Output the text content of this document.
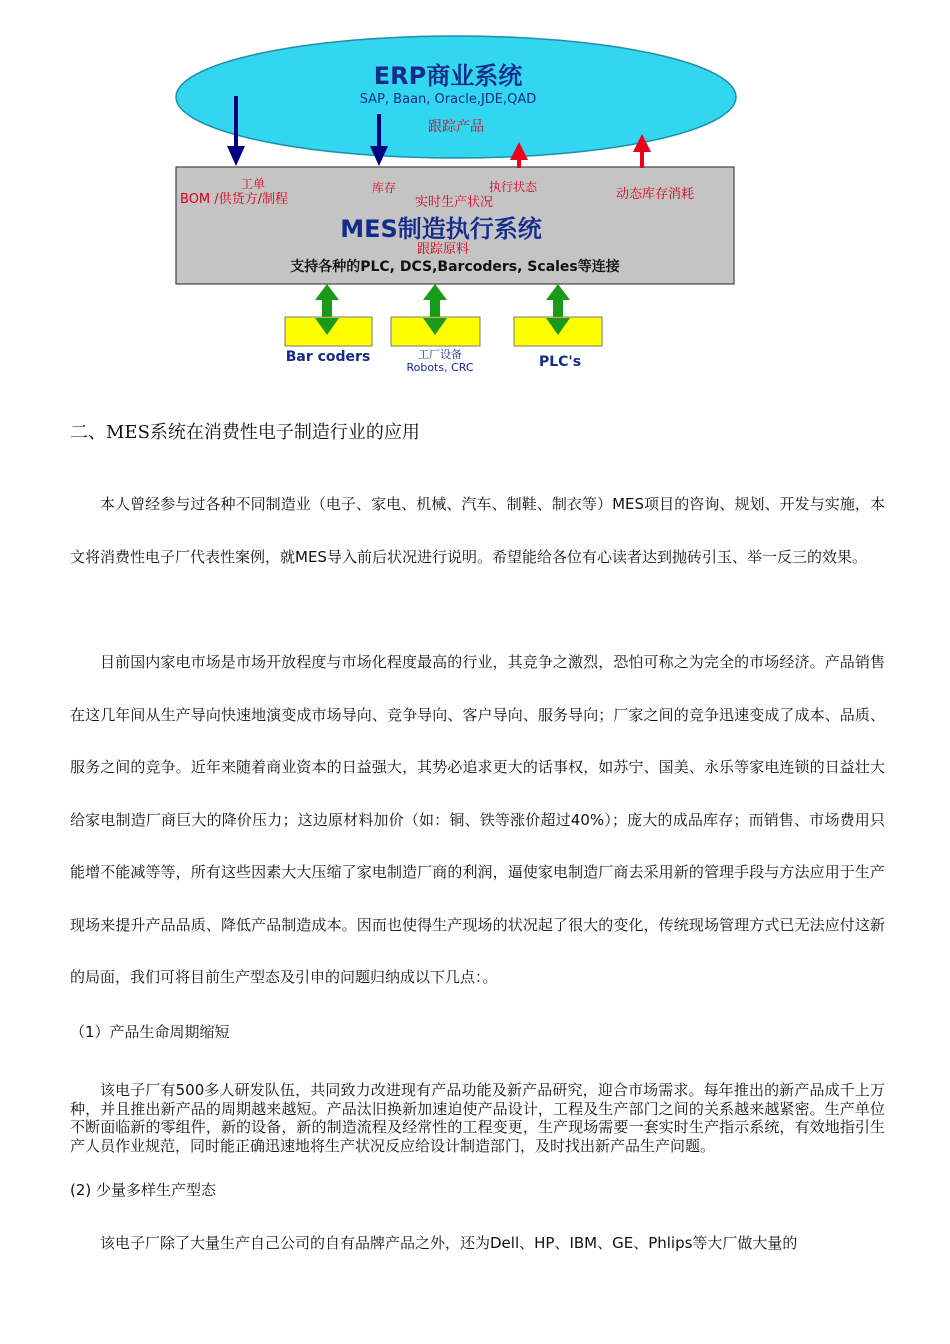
ERP商业系统
SAP, Baan, Oracle,JDE,QAD
跟踪产品
工单
BOM /供货方/制程
库存
实时生产状况
执行状态	动态库存消耗
MES制造执行系统
跟踪原料
支持各种的PLC, DCS,Barcoders, Scales等连接
Bar coders	工厂设备
Robots, CRC	PLC's
二、MES系统在消费性电子制造行业的应用
本人曾经参与过各种不同制造业（电子、家电、机械、汽车、制鞋、制衣等）MES项目的咨询、规划、开发与实施，本文将消费性电子厂代表性案例，就MES导入前后状况进行说明。希望能给各位有心读者达到抛砖引玉、举一反三的效果。
目前国内家电市场是市场开放程度与市场化程度最高的行业，其竞争之激烈，恐怕可称之为完全的市场经济。产品销售在这几年间从生产导向快速地演变成市场导向、竞争导向、客户导向、服务导向；厂家之间的竞争迅速变成了成本、品质、服务之间的竞争。近年来随着商业资本的日益强大，其势必追求更大的话事权，如苏宁、国美、永乐等家电连锁的日益壮大给家电制造厂商巨大的降价压力；这边原材料加价（如：铜、铁等涨价超过40%）；庞大的成品库存；而销售、市场费用只能增不能减等等，所有这些因素大大压缩了家电制造厂商的利润，逼使家电制造厂商去采用新的管理手段与方法应用于生产现场来提升产品品质、降低产品制造成本。因而也使得生产现场的状况起了很大的变化，传统现场管理方式已无法应付这新的局面，我们可将目前生产型态及引申的问题归纳成以下几点：。
（1）产品生命周期缩短
该电子厂有500多人研发队伍，共同致力改进现有产品功能及新产品研究，迎合市场需求。每年推出的新产品成千上万种，并且推出新产品的周期越来越短。产品汰旧换新加速迫使产品设计，工程及生产部门之间的关系越来越紧密。生产单位不断面临新的零组件，新的设备，新的制造流程及经常性的工程变更，生产现场需要一套实时生产指示系统，有效地指引生产人员作业规范，同时能正确迅速地将生产状况反应给设计制造部门，及时找出新产品生产问题。
(2) 少量多样生产型态
该电子厂除了大量生产自己公司的自有品牌产品之外，还为Dell、HP、IBM、GE、Phlips等大厂做大量的
